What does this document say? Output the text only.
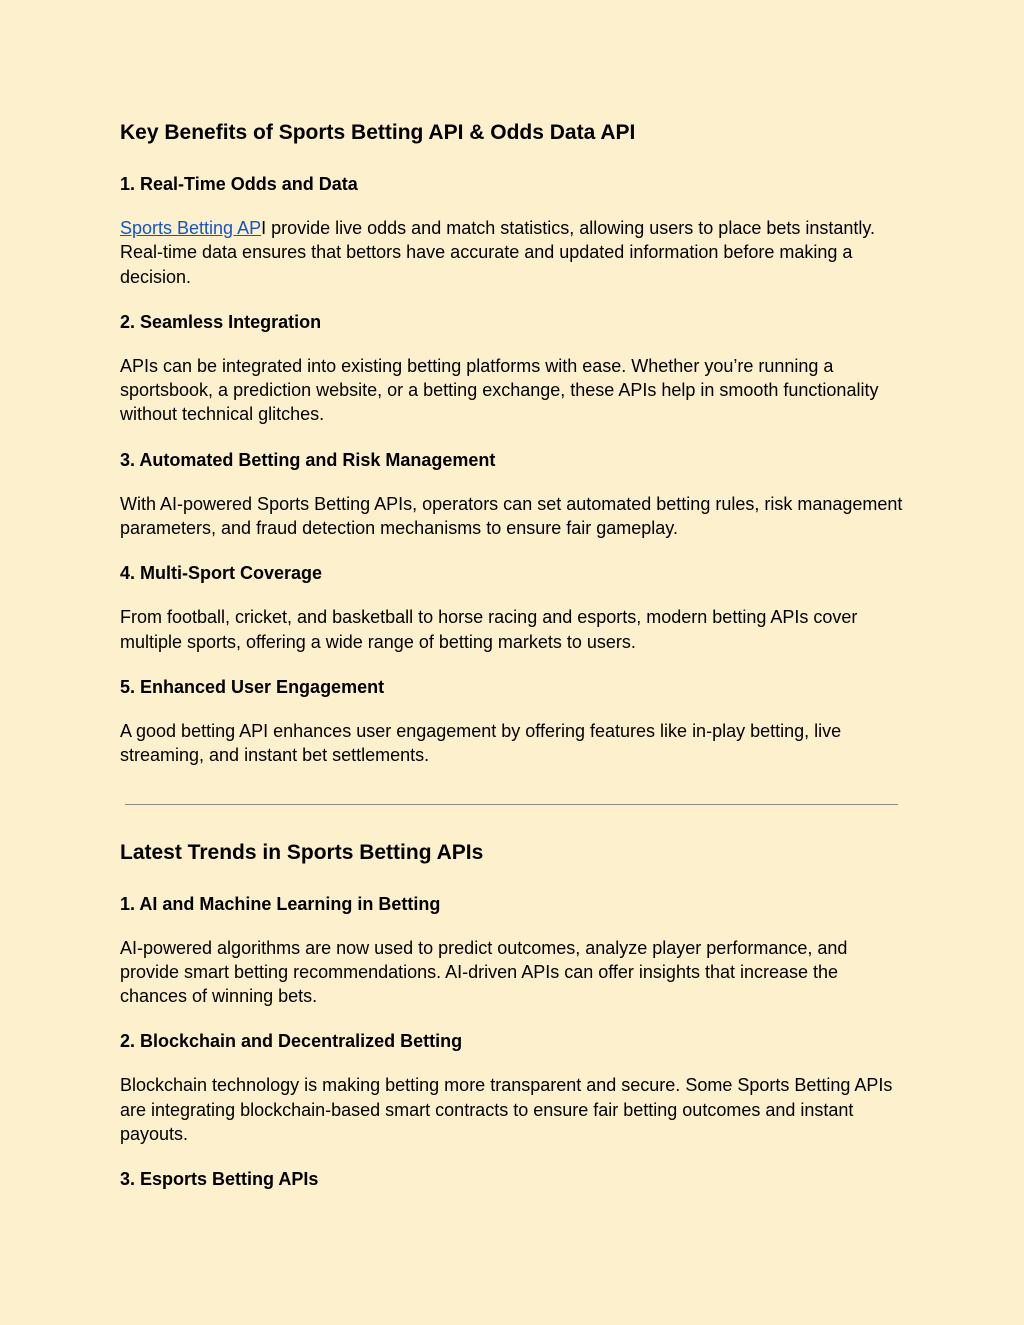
Key Benefits of Sports Betting API & Odds Data API
1. Real-Time Odds and Data

Sports Betting API provide live odds and match statistics, allowing users to place bets instantly. Real-time data ensures that bettors have accurate and updated information before making a decision.

2. Seamless Integration

APIs can be integrated into existing betting platforms with ease. Whether you’re running a sportsbook, a prediction website, or a betting exchange, these APIs help in smooth functionality without technical glitches.

3. Automated Betting and Risk Management

With AI-powered Sports Betting APIs, operators can set automated betting rules, risk management parameters, and fraud detection mechanisms to ensure fair gameplay.

4. Multi-Sport Coverage

From football, cricket, and basketball to horse racing and esports, modern betting APIs cover multiple sports, offering a wide range of betting markets to users.

5. Enhanced User Engagement

A good betting API enhances user engagement by offering features like in-play betting, live streaming, and instant bet settlements.

Latest Trends in Sports Betting APIs
1. AI and Machine Learning in Betting

AI-powered algorithms are now used to predict outcomes, analyze player performance, and provide smart betting recommendations. AI-driven APIs can offer insights that increase the chances of winning bets.

2. Blockchain and Decentralized Betting

Blockchain technology is making betting more transparent and secure. Some Sports Betting APIs are integrating blockchain-based smart contracts to ensure fair betting outcomes and instant payouts.

3. Esports Betting APIs
